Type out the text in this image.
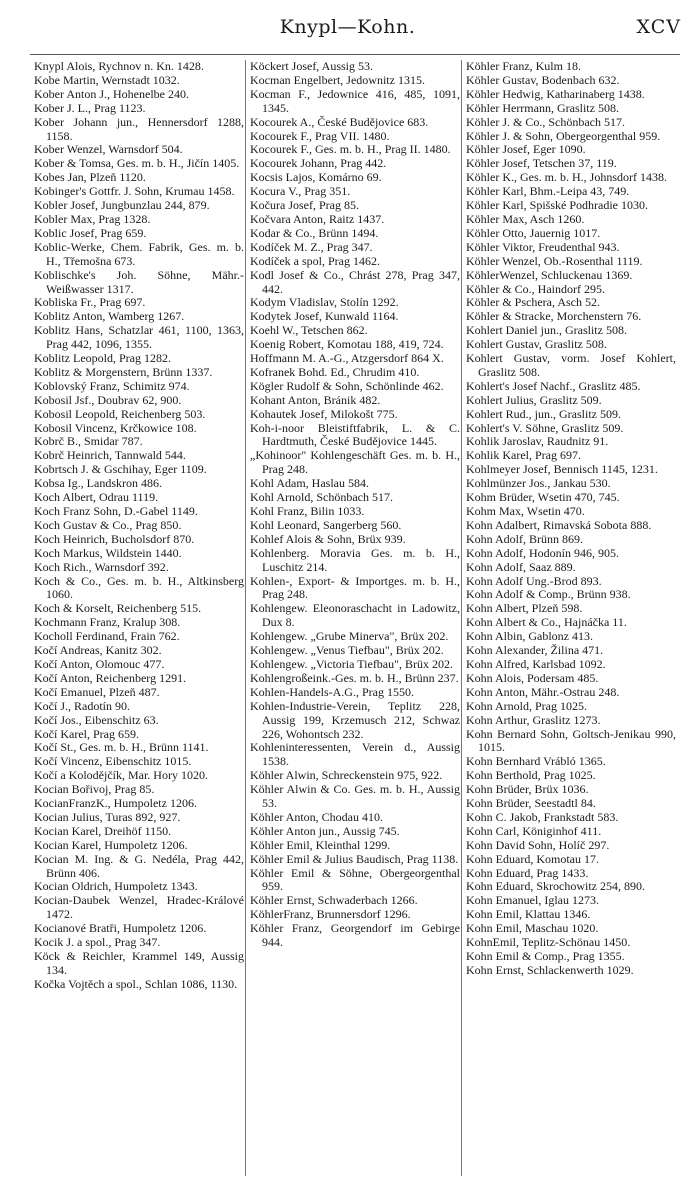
Knypl—Kohn.	XCV

Knypl Alois, Rychnov n. Kn. 1428.

Kobe Martin, Wernstadt 1032.

Kober Anton J., Hohenelbe 240.

Kober J. L., Prag 1123.

Kober Johann jun., Hennersdorf 1288, 1158.

Kober Wenzel, Warnsdorf 504.

Kober & Tomsa, Ges. m. b. H., Jičín 1405.

Kobes Jan, Plzeň 1120.

Kobinger's Gottfr. J. Sohn, Krumau 1458.

Kobler Josef, Jungbunzlau 244, 879.

Kobler Max, Prag 1328.

Koblic Josef, Prag 659.

Koblic-Werke, Chem. Fabrik, Ges. m. b. H., Třemošna 673.

Koblischke's Joh. Söhne, Mähr.-Weißwasser 1317.

Kobliska Fr., Prag 697.

Koblitz Anton, Wamberg 1267.

Koblitz Hans, Schatzlar 461, 1100, 1363, Prag 442, 1096, 1355.

Koblitz Leopold, Prag 1282.

Koblitz & Morgenstern, Brünn 1337.

Koblovský Franz, Schimitz 974.

Kobosil Jsf., Doubrav 62, 900.

Kobosil Leopold, Reichenberg 503.

Kobosil Vincenz, Krčkowice 108.

Kobrč B., Smidar 787.

Kobrč Heinrich, Tannwald 544.

Kobrtsch J. & Gschihay, Eger 1109.

Kobsa Ig., Landskron 486.

Koch Albert, Odrau 1119.

Koch Franz Sohn, D.-Gabel 1149.

Koch Gustav & Co., Prag 850.

Koch Heinrich, Bucholsdorf 870.

Koch Markus, Wildstein 1440.

Koch Rich., Warnsdorf 392.

Koch & Co., Ges. m. b. H., Altkinsberg 1060.

Koch & Korselt, Reichenberg 515.

Kochmann Franz, Kralup 308.

Kocholl Ferdinand, Frain 762.

Kočí Andreas, Kanitz 302.

Kočí Anton, Olomouc 477.

Kočí Anton, Reichenberg 1291.

Kočí Emanuel, Plzeň 487.

Kočí J., Radotín 90.

Kočí Jos., Eibenschitz 63.

Kočí Karel, Prag 659.

Kočí St., Ges. m. b. H., Brünn 1141.

Kočí Vincenz, Eibenschitz 1015.

Kočí a Kolodějčík, Mar. Hory 1020.

Kocian Bořivoj, Prag 85.

KocianFranzK., Humpoletz 1206.

Kocian Julius, Turas 892, 927.

Kocian Karel, Dreihöf 1150.

Kocian Karel, Humpoletz 1206.

Kocian M. Ing. & G. Nedéla, Prag 442, Brünn 406.

Kocian Oldrich, Humpoletz 1343.

Kocian-Daubek Wenzel, Hradec-Králové 1472.

Kocianové Bratři, Humpoletz 1206.

Kocik J. a spol., Prag 347.

Köck & Reichler, Krammel 149, Aussig 134.

Kočka Vojtěch a spol., Schlan 1086, 1130.

Köckert Josef, Aussig 53.

Kocman Engelbert, Jedownitz 1315.

Kocman F., Jedownice 416, 485, 1091, 1345.

Kocourek A., České Budějovice 683.

Kocourek F., Prag VII. 1480.

Kocourek F., Ges. m. b. H., Prag II. 1480.

Kocourek Johann, Prag 442.

Kocsis Lajos, Komárno 69.

Kocura V., Prag 351.

Kočura Josef, Prag 85.

Kočvara Anton, Raitz 1437.

Kodar & Co., Brünn 1494.

Kodíček M. Z., Prag 347.

Kodíček a spol, Prag 1462.

Kodl Josef & Co., Chrást 278, Prag 347, 442.

Kodym Vladislav, Stolín 1292.

Kodytek Josef, Kunwald 1164.

Koehl W., Tetschen 862.

Koenig Robert, Komotau 188, 419, 724.

Hoffmann M. A.-G., Atzgersdorf 864 X.

Kofranek Bohd. Ed., Chrudim 410.

Kögler Rudolf & Sohn, Schönlinde 462.

Kohant Anton, Bránik 482.

Kohautek Josef, Milokošt 775.

Koh-i-noor Bleistiftfabrik, L. & C. Hardtmuth, České Budějovice 1445.

„Kohinoor" Kohlengeschäft Ges. m. b. H., Prag 248.

Kohl Adam, Haslau 584.

Kohl Arnold, Schönbach 517.

Kohl Franz, Bilin 1033.

Kohl Leonard, Sangerberg 560.

Kohlef Alois & Sohn, Brüx 939.

Kohlenberg. Moravia Ges. m. b. H., Luschitz 214.

Kohlen-, Export- & Importges. m. b. H., Prag 248.

Kohlengew. Eleonoraschacht in Ladowitz, Dux 8.

Kohlengew. „Grube Minerva", Brüx 202.

Kohlengew. „Venus Tiefbau", Brüx 202.

Kohlengew. „Victoria Tiefbau", Brüx 202.

Kohlengroßeink.-Ges. m. b. H., Brünn 237.

Kohlen-Handels-A.G., Prag 1550.

Kohlen-Industrie-Verein, Teplitz 228, Aussig 199, Krzemusch 212, Schwaz 226, Wohontsch 232.

Kohleninteressenten, Verein d., Aussig 1538.

Köhler Alwin, Schreckenstein 975, 922.

Köhler Alwin & Co. Ges. m. b. H., Aussig 53.

Köhler Anton, Chodau 410.

Köhler Anton jun., Aussig 745.

Köhler Emil, Kleinthal 1299.

Köhler Emil & Julius Baudisch, Prag 1138.

Köhler Emil & Söhne, Obergeorgenthal 959.

Köhler Ernst, Schwaderbach 1266.

KöhlerFranz, Brunnersdorf 1296.

Köhler Franz, Georgendorf im Gebirge 944.

Köhler Franz, Kulm 18.

Köhler Gustav, Bodenbach 632.

Köhler Hedwig, Katharinaberg 1438.

Köhler Herrmann, Graslitz 508.

Köhler J. & Co., Schönbach 517.

Köhler J. & Sohn, Obergeorgenthal 959.

Köhler Josef, Eger 1090.

Köhler Josef, Tetschen 37, 119.

Köhler K., Ges. m. b. H., Johnsdorf 1438.

Köhler Karl, Bhm.-Leipa 43, 749.

Köhler Karl, Spišské Podhradie 1030.

Köhler Max, Asch 1260.

Köhler Otto, Jauernig 1017.

Köhler Viktor, Freudenthal 943.

Köhler Wenzel, Ob.-Rosenthal 1119.

KöhlerWenzel, Schluckenau 1369.

Köhler & Co., Haindorf 295.

Köhler & Pschera, Asch 52.

Köhler & Stracke, Morchenstern 76.

Kohlert Daniel jun., Graslitz 508.

Kohlert Gustav, Graslitz 508.

Kohlert Gustav, vorm. Josef Kohlert, Graslitz 508.

Kohlert's Josef Nachf., Graslitz 485.

Kohlert Julius, Graslitz 509.

Kohlert Rud., jun., Graslitz 509.

Kohlert's V. Söhne, Graslitz 509.

Kohlik Jaroslav, Raudnitz 91.

Kohlik Karel, Prag 697.

Kohlmeyer Josef, Bennisch 1145, 1231.

Kohlmünzer Jos., Jankau 530.

Kohm Brüder, Wsetin 470, 745.

Kohm Max, Wsetin 470.

Kohn Adalbert, Rimavská Sobota 888.

Kohn Adolf, Brünn 869.

Kohn Adolf, Hodonín 946, 905.

Kohn Adolf, Saaz 889.

Kohn Adolf Ung.-Brod 893.

Kohn Adolf & Comp., Brünn 938.

Kohn Albert, Plzeň 598.

Kohn Albert & Co., Hajnáčka 11.

Kohn Albin, Gablonz 413.

Kohn Alexander, Žilina 471.

Kohn Alfred, Karlsbad 1092.

Kohn Alois, Podersam 485.

Kohn Anton, Mähr.-Ostrau 248.

Kohn Arnold, Prag 1025.

Kohn Arthur, Graslitz 1273.

Kohn Bernard Sohn, Goltsch-Jenikau 990, 1015.

Kohn Bernhard Vrábló 1365.

Kohn Berthold, Prag 1025.

Kohn Brüder, Brüx 1036.

Kohn Brüder, Seestadtl 84.

Kohn C. Jakob, Frankstadt 583.

Kohn Carl, Königinhof 411.

Kohn David Sohn, Holíč 297.

Kohn Eduard, Komotau 17.

Kohn Eduard, Prag 1433.

Kohn Eduard, Skrochowitz 254, 890.

Kohn Emanuel, Iglau 1273.

Kohn Emil, Klattau 1346.

Kohn Emil, Maschau 1020.

KohnEmil, Teplitz-Schönau 1450.

Kohn Emil & Comp., Prag 1355.

Kohn Ernst, Schlackenwerth 1029.
